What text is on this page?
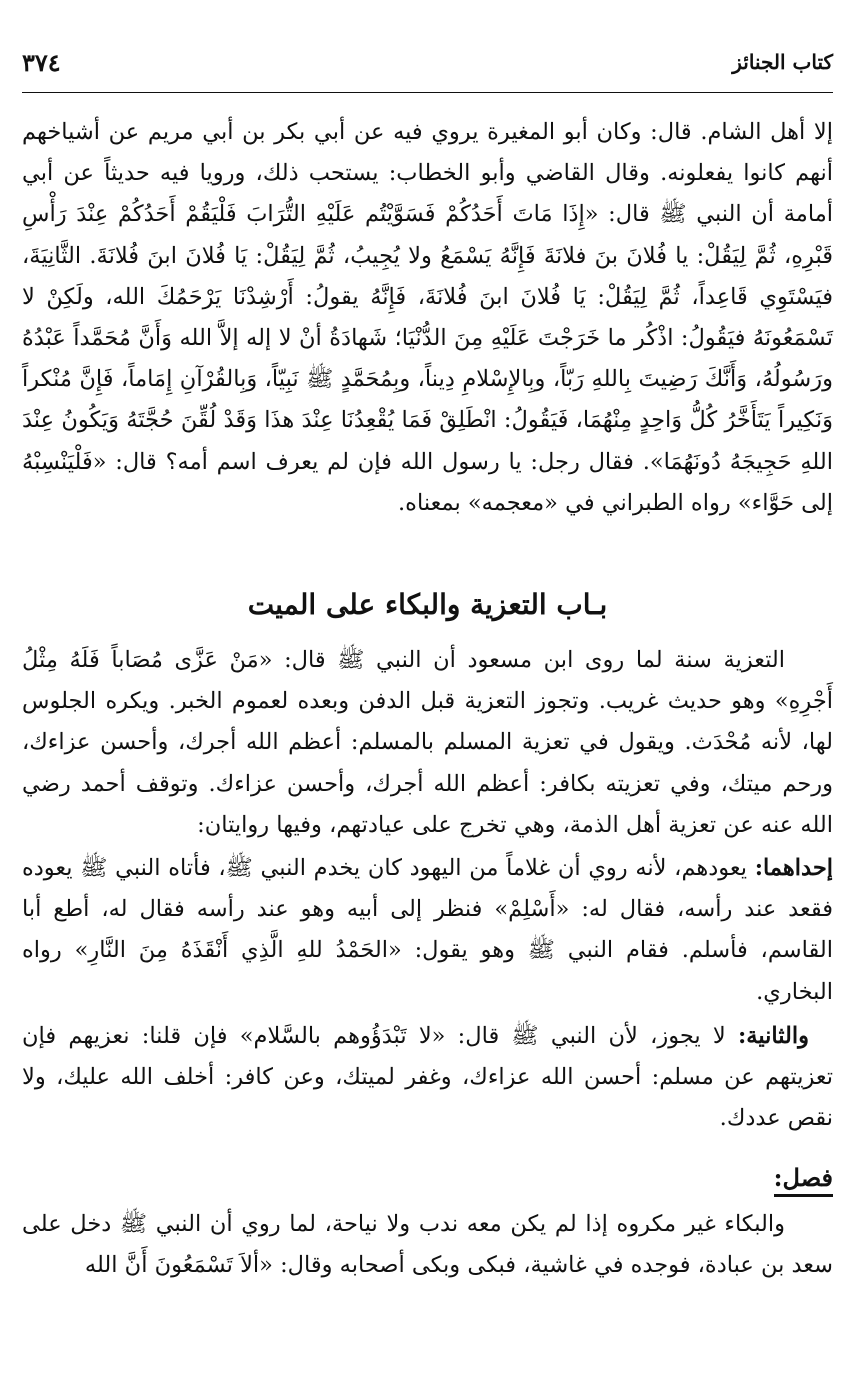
كتاب الجنائز
٣٧٤
إلا أهل الشام. قال: وكان أبو المغيرة يروي فيه عن أبي بكر بن أبي مريم عن أشياخهم أنهم كانوا يفعلونه. وقال القاضي وأبو الخطاب: يستحب ذلك، ورويا فيه حديثاً عن أبي أمامة أن النبي ﷺ قال: «إِذَا مَاتَ أَحَدُكُمْ فَسَوَّيْتُم عَلَيْهِ التُّرَابَ فَلْيَقُمْ أَحَدُكُمْ عِنْدَ رَأْسِ قَبْرِهِ، ثُمَّ لِيَقُلْ: يا فُلانَ بنَ فلانَةَ فَإِنَّهُ يَسْمَعُ ولا يُجِيبُ، ثُمَّ لِيَقُلْ: يَا فُلانَ ابنَ فُلانَةَ. الثَّانِيَةَ، فيَسْتَوِي قَاعِداً، ثُمَّ لِيَقُلْ: يَا فُلانَ ابنَ فُلانَةَ، فَإِنَّهُ يقولُ: أَرْشِدْنَا يَرْحَمُكَ الله، ولَكِنْ لا تَسْمَعُونَهُ فيَقُولُ: اذْكُر ما خَرَجْتَ عَلَيْهِ مِنَ الدُّنْيَا؛ شَهادَةُ أنْ لا إله إلاَّ الله وَأَنَّ مُحَمَّداً عَبْدُهُ ورَسُولُهُ، وَأَنَّكَ رَضِيتَ بِاللهِ رَبّاً، وبِالإِسْلامِ دِيناً، وبِمُحَمَّدٍ ﷺ نَبِيّاً، وَبِالقُرْآنِ إِمَاماً، فَإِنَّ مُنْكراً وَنَكِيراً يَتَأَخَّرُ كُلُّ وَاحِدٍ مِنْهُمَا، فَيَقُولُ: انْطَلِقْ فَمَا يُقْعِدُنَا عِنْدَ هذَا وَقَدْ لُقِّنَ حُجَّتَهُ وَيَكُونُ عِنْدَ اللهِ حَجِيجَهُ دُونَهُمَا». فقال رجل: يا رسول الله فإن لم يعرف اسم أمه؟ قال: «فَلْيَنْسِبْهُ إلى حَوَّاء» رواه الطبراني في «معجمه» بمعناه.
بـاب التعزية والبكاء على الميت
التعزية سنة لما روى ابن مسعود أن النبي ﷺ قال: «مَنْ عَزَّى مُصَاباً فَلَهُ مِثْلُ أَجْرِهِ» وهو حديث غريب. وتجوز التعزية قبل الدفن وبعده لعموم الخبر. ويكره الجلوس لها، لأنه مُحْدَث. ويقول في تعزية المسلم بالمسلم: أعظم الله أجرك، وأحسن عزاءك، ورحم ميتك، وفي تعزيته بكافر: أعظم الله أجرك، وأحسن عزاءك. وتوقف أحمد رضي الله عنه عن تعزية أهل الذمة، وهي تخرج على عيادتهم، وفيها روايتان:
إحداهما: يعودهم، لأنه روي أن غلاماً من اليهود كان يخدم النبي ﷺ، فأتاه النبي ﷺ يعوده فقعد عند رأسه، فقال له: «أَسْلِمْ» فنظر إلى أبيه وهو عند رأسه فقال له، أطع أبا القاسم، فأسلم. فقام النبي ﷺ وهو يقول: «الحَمْدُ للهِ الَّذِي أَنْقَذَهُ مِنَ النَّارِ» رواه البخاري.
والثانية: لا يجوز، لأن النبي ﷺ قال: «لا تَبْدَؤُوهم بالسَّلام» فإن قلنا: نعزيهم فإن تعزيتهم عن مسلم: أحسن الله عزاءك، وغفر لميتك، وعن كافر: أخلف الله عليك، ولا نقص عددك.
فصل:
والبكاء غير مكروه إذا لم يكن معه ندب ولا نياحة، لما روي أن النبي ﷺ دخل على سعد بن عبادة، فوجده في غاشية، فبكى وبكى أصحابه وقال: «ألاَ تَسْمَعُونَ أَنَّ الله
